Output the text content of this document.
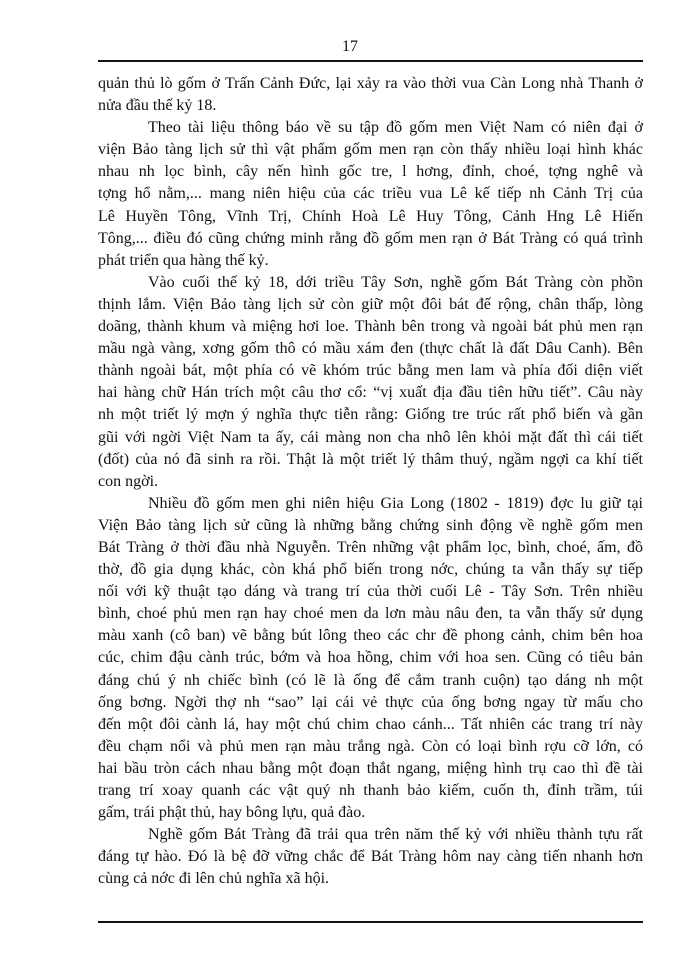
17
quản thủ lò gốm ở Trấn Cảnh Đức, lại xảy ra vào thời vua Càn Long nhà Thanh ở
nửa đầu thế kỷ 18.
Theo tài liệu thông báo về su tập đồ gốm men Việt Nam có niên đại ở
viện Bảo tàng lịch sử thì vật phẩm gốm men rạn còn thấy nhiều loại hình khác
nhau nh lọc bình, cây nến hình gốc tre, l hơng, đỉnh, choé, tợng nghê và
tợng hổ nằm,... mang niên hiệu của các triều vua Lê kế tiếp nh Cảnh Trị của
Lê Huyền Tông, Vĩnh Trị, Chính Hoà Lê Huy Tông, Cảnh Hng Lê Hiến
Tông,... điều đó cũng chứng minh rằng đồ gốm men rạn ở Bát Tràng có quá trình
phát triển qua hàng thế kỷ.
Vào cuối thế kỷ 18, dới triều Tây Sơn, nghề gốm Bát Tràng còn phồn
thịnh lắm. Viện Bảo tàng lịch sử còn giữ một đôi bát đế rộng, chân thấp, lòng
doãng, thành khum và miệng hơi loe. Thành bên trong và ngoài bát phủ men rạn
mầu ngà vàng, xơng gốm thô có mầu xám đen (thực chất là đất Dâu Canh). Bên
thành ngoài bát, một phía có vẽ khóm trúc bằng men lam và phía đối diện viết
hai hàng chữ Hán trích một câu thơ cổ: “vị xuất địa đầu tiên hữu tiết”. Câu này
nh một triết lý mợn ý nghĩa thực tiễn rằng: Giống tre trúc rất phổ biến và gần
gũi với ngời Việt Nam ta ấy, cái màng non cha nhô lên khỏi mặt đất thì cái tiết
(đốt) của nó đã sinh ra rồi. Thật là một triết lý thâm thuý, ngầm ngợi ca khí tiết
con ngời.
Nhiều đồ gốm men ghi niên hiệu Gia Long (1802 - 1819) đợc lu giữ tại
Viện Bảo tàng lịch sử cũng là những bằng chứng sinh động về nghề gốm men
Bát Tràng ở thời đầu nhà Nguyễn. Trên những vật phẩm lọc, bình, choé, ấm, đồ
thờ, đồ gia dụng khác, còn khá phổ biến trong nớc, chúng ta vẫn thấy sự tiếp
nối với kỹ thuật tạo dáng và trang trí của thời cuối Lê - Tây Sơn. Trên nhiều
bình, choé phủ men rạn hay choé men da lơn màu nâu đen, ta vẫn thấy sử dụng
màu xanh (cô ban) vẽ bằng bút lông theo các chr đề phong cảnh, chim bên hoa
cúc, chim đậu cành trúc, bớm và hoa hồng, chim với hoa sen. Cũng có tiêu bản
đáng chú ý nh chiếc bình (có lẽ là ống để cắm tranh cuộn) tạo dáng nh một
ống bơng. Ngời thợ nh “sao” lại cái vẻ thực của ống bơng ngay từ mấu cho
đến một đôi cành lá, hay một chú chim chao cánh... Tất nhiên các trang trí này
đều chạm nổi và phủ men rạn màu trắng ngà. Còn có loại bình rợu cỡ lớn, có
hai bầu tròn cách nhau bằng một đoạn thắt ngang, miệng hình trụ cao thì đề tài
trang trí xoay quanh các vật quý nh thanh bảo kiếm, cuốn th, đỉnh trầm, túi
gấm, trái phật thủ, hay bông lựu, quả đào.
Nghề gốm Bát Tràng đã trải qua trên năm thế kỷ với nhiều thành tựu rất
đáng tự hào. Đó là bệ đỡ vững chắc để Bát Tràng hôm nay càng tiến nhanh hơn
cùng cả nớc đi lên chủ nghĩa xã hội.
